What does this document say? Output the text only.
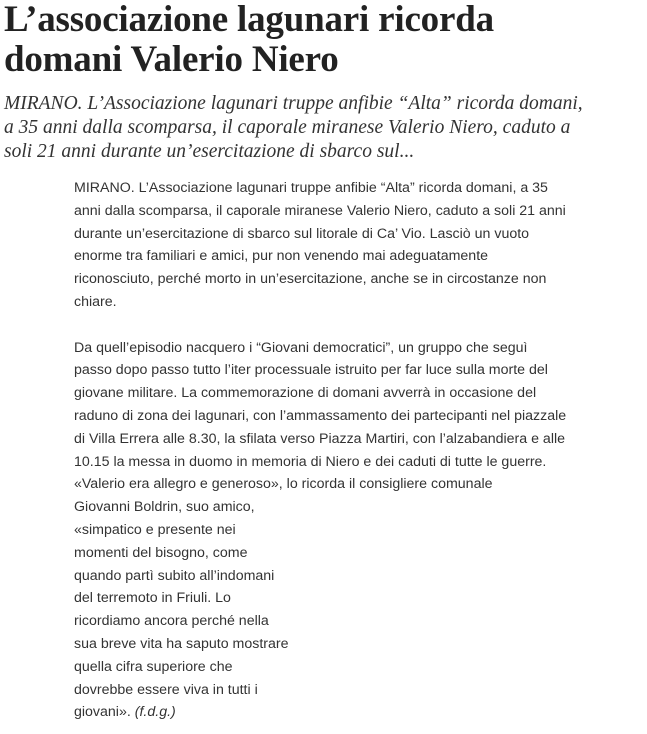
L’associazione lagunari ricorda
domani Valerio Niero
MIRANO. L’Associazione lagunari truppe anfibie “Alta” ricorda domani,
a 35 anni dalla scomparsa, il caporale miranese Valerio Niero, caduto a
soli 21 anni durante un’esercitazione di sbarco sul...

MIRANO. L’Associazione lagunari truppe anfibie “Alta” ricorda domani, a 35
anni dalla scomparsa, il caporale miranese Valerio Niero, caduto a soli 21 anni
durante un’esercitazione di sbarco sul litorale di Ca’ Vio. Lasciò un vuoto
enorme tra familiari e amici, pur non venendo mai adeguatamente
riconosciuto, perché morto in un’esercitazione, anche se in circostanze non
chiare.

Da quell’episodio nacquero i “Giovani democratici”, un gruppo che seguì
passo dopo passo tutto l’iter processuale istruito per far luce sulla morte del
giovane militare. La commemorazione di domani avverrà in occasione del
raduno di zona dei lagunari, con l’ammassamento dei partecipanti nel piazzale
di Villa Errera alle 8.30, la sfilata verso Piazza Martiri, con l’alzabandiera e alle
10.15 la messa in duomo in memoria di Niero e dei caduti di tutte le guerre.
«Valerio era allegro e generoso», lo ricorda il consigliere comunale
Giovanni Boldrin, suo amico,

«simpatico e presente nei
momenti del bisogno, come
quando partì subito all’indomani
del terremoto in Friuli. Lo
ricordiamo ancora perché nella
sua breve vita ha saputo mostrare
quella cifra superiore che
dovrebbe essere viva in tutti i
giovani». (f.d.g.)
